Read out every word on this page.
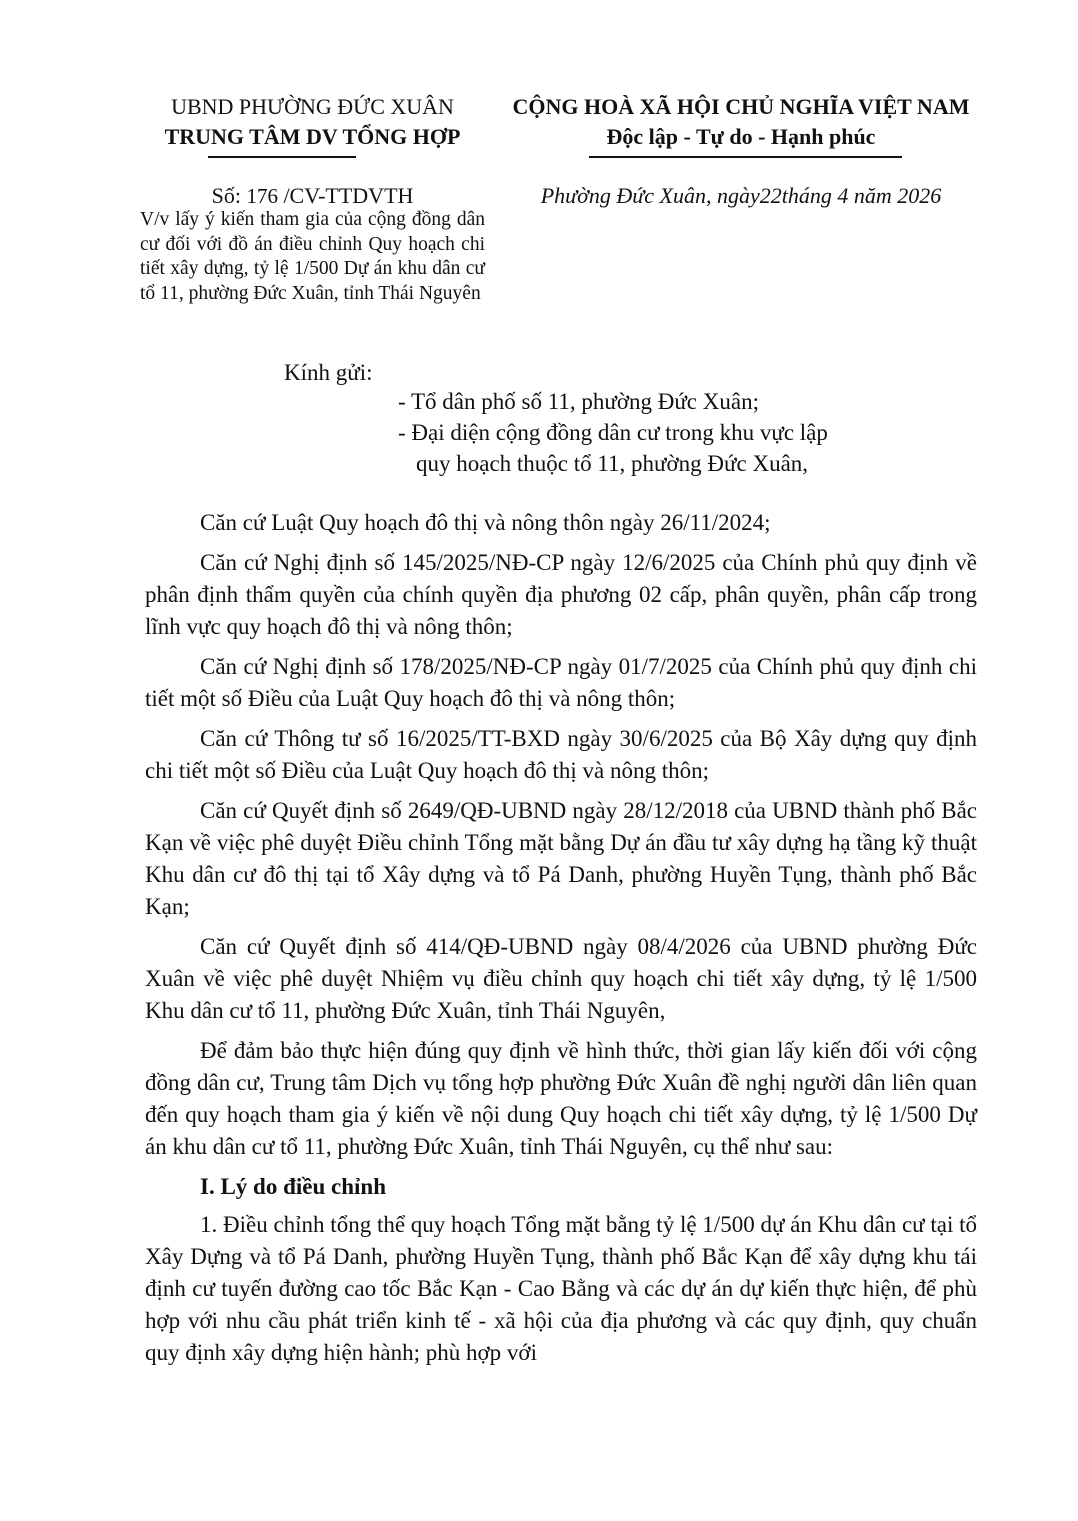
UBND PHƯỜNG ĐỨC XUÂN
TRUNG TÂM DV TỔNG HỢP
CỘNG HOÀ XÃ HỘI CHỦ NGHĨA VIỆT NAM
Độc lập - Tự do - Hạnh phúc
Số: 176 /CV-TTDVTH	Phường Đức Xuân, ngày22tháng 4 năm 2026
V/v lấy ý kiến tham gia của cộng đồng dân cư đối với đồ án điều chỉnh Quy hoạch chi tiết xây dựng, tỷ lệ 1/500 Dự án khu dân cư tổ 11, phường Đức Xuân, tỉnh Thái Nguyên
Kính gửi:

- Tổ dân phố số 11, phường Đức Xuân;

- Đại diện cộng đồng dân cư trong khu vực lập

quy hoạch thuộc tổ 11, phường Đức Xuân,

Căn cứ Luật Quy hoạch đô thị và nông thôn ngày 26/11/2024;

Căn cứ Nghị định số 145/2025/NĐ-CP ngày 12/6/2025 của Chính phủ quy định về phân định thẩm quyền của chính quyền địa phương 02 cấp, phân quyền, phân cấp trong lĩnh vực quy hoạch đô thị và nông thôn;

Căn cứ Nghị định số 178/2025/NĐ-CP ngày 01/7/2025 của Chính phủ quy định chi tiết một số Điều của Luật Quy hoạch đô thị và nông thôn;

Căn cứ Thông tư số 16/2025/TT-BXD ngày 30/6/2025 của Bộ Xây dựng quy định chi tiết một số Điều của Luật Quy hoạch đô thị và nông thôn;

Căn cứ Quyết định số 2649/QĐ-UBND ngày 28/12/2018 của UBND thành phố Bắc Kạn về việc phê duyệt Điều chỉnh Tổng mặt bằng Dự án đầu tư xây dựng hạ tầng kỹ thuật Khu dân cư đô thị tại tổ Xây dựng và tổ Pá Danh, phường Huyền Tụng, thành phố Bắc Kạn;

Căn cứ Quyết định số 414/QĐ-UBND ngày 08/4/2026 của UBND phường Đức Xuân về việc phê duyệt Nhiệm vụ điều chỉnh quy hoạch chi tiết xây dựng, tỷ lệ 1/500 Khu dân cư tổ 11, phường Đức Xuân, tỉnh Thái Nguyên,

Để đảm bảo thực hiện đúng quy định về hình thức, thời gian lấy kiến đối với cộng đồng dân cư, Trung tâm Dịch vụ tổng hợp phường Đức Xuân đề nghị người dân liên quan đến quy hoạch tham gia ý kiến về nội dung Quy hoạch chi tiết xây dựng, tỷ lệ 1/500 Dự án khu dân cư tổ 11, phường Đức Xuân, tỉnh Thái Nguyên, cụ thể như sau:

I. Lý do điều chỉnh

1. Điều chỉnh tổng thể quy hoạch Tổng mặt bằng tỷ lệ 1/500 dự án Khu dân cư tại tổ Xây Dựng và tổ Pá Danh, phường Huyền Tụng, thành phố Bắc Kạn để xây dựng khu tái định cư tuyến đường cao tốc Bắc Kạn - Cao Bằng và các dự án dự kiến thực hiện, để phù hợp với nhu cầu phát triển kinh tế - xã hội của địa phương và các quy định, quy chuẩn quy định xây dựng hiện hành; phù hợp với
